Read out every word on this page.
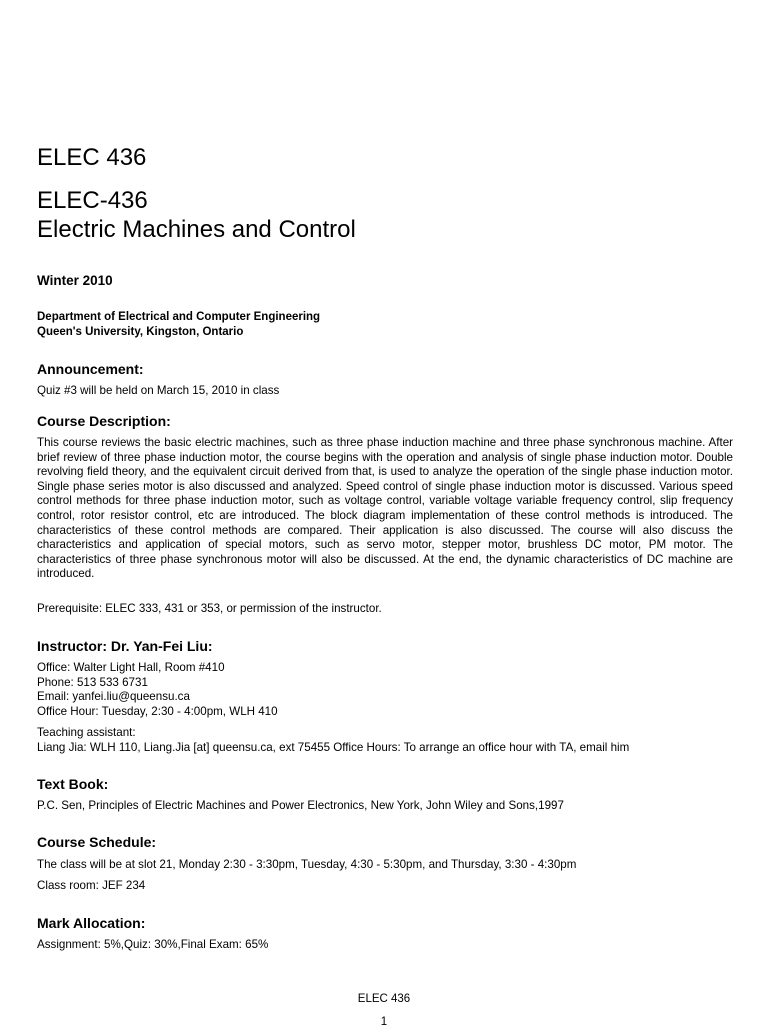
ELEC 436
ELEC-436
Electric Machines and Control

Winter 2010

Department of Electrical and Computer Engineering
Queen's University, Kingston, Ontario
Announcement:

Quiz #3 will be held on March 15, 2010 in class

Course Description:

This course reviews the basic electric machines, such as three phase induction machine and three phase synchronous machine. After brief review of three phase induction motor, the course begins with the operation and analysis of single phase induction motor. Double revolving field theory, and the equivalent circuit derived from that, is used to analyze the operation of the single phase induction motor. Single phase series motor is also discussed and analyzed. Speed control of single phase induction motor is discussed. Various speed control methods for three phase induction motor, such as voltage control, variable voltage variable frequency control, slip frequency control, rotor resistor control, etc are introduced. The block diagram implementation of these control methods is introduced. The characteristics of these control methods are compared. Their application is also discussed. The course will also discuss the characteristics and application of special motors, such as servo motor, stepper motor, brushless DC motor, PM motor. The characteristics of three phase synchronous motor will also be discussed. At the end, the dynamic characteristics of DC machine are introduced.

Prerequisite: ELEC 333, 431 or 353, or permission of the instructor.

Instructor: Dr. Yan-Fei Liu:
Office: Walter Light Hall, Room #410
Phone: 513 533 6731
Email: yanfei.liu@queensu.ca
Office Hour: Tuesday, 2:30 - 4:00pm, WLH 410
Teaching assistant:
Liang Jia: WLH 110, Liang.Jia [at] queensu.ca, ext 75455 Office Hours: To arrange an office hour with TA, email him
Text Book:

P.C. Sen, Principles of Electric Machines and Power Electronics, New York, John Wiley and Sons,1997

Course Schedule:

The class will be at slot 21, Monday 2:30 - 3:30pm, Tuesday, 4:30 - 5:30pm, and Thursday, 3:30 - 4:30pm

Class room: JEF 234

Mark Allocation:

Assignment: 5%,Quiz: 30%,Final Exam: 65%

ELEC 436
1
